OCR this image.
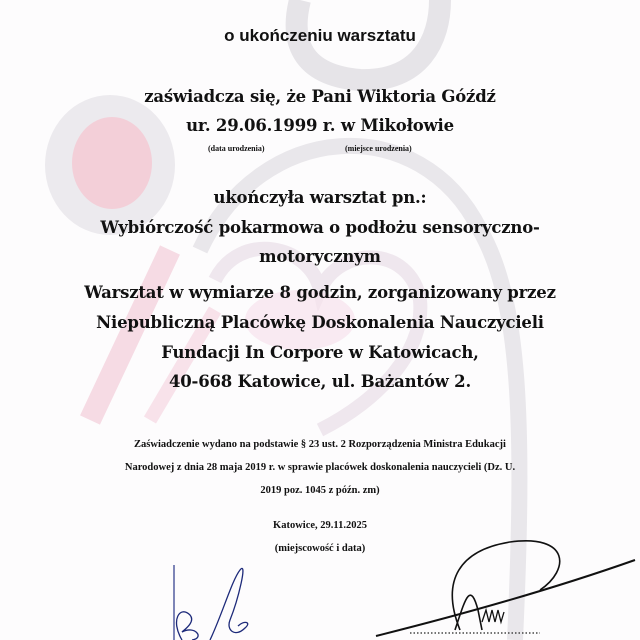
o ukończeniu warsztatu
zaświadcza się, że Pani Wiktoria Góźdź
ur. 29.06.1999 r. w Mikołowie
(data urodzenia)	(miejsce urodzenia)
ukończyła warsztat pn.:
Wybiórczość pokarmowa o podłożu sensoryczno-
motorycznym
Warsztat w wymiarze 8 godzin, zorganizowany przez
Niepubliczną Placówkę Doskonalenia Nauczycieli
Fundacji In Corpore w Katowicach,
40-668 Katowice, ul. Bażantów 2.
Zaświadczenie wydano na podstawie § 23 ust. 2 Rozporządzenia Ministra Edukacji
Narodowej z dnia 28 maja 2019 r. w sprawie placówek doskonalenia nauczycieli (Dz. U.
2019 poz. 1045 z późn. zm)
Katowice, 29.11.2025
(miejscowość i data)
